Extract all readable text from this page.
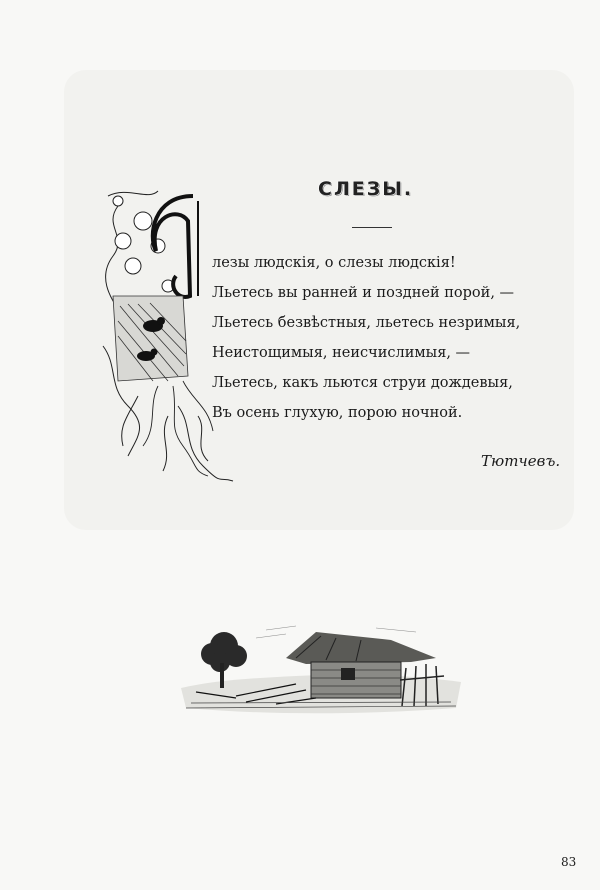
СЛЕЗЫ.
лезы людскія, о слезы людскія!
Льетесь вы ранней и поздней порой, —
Льетесь безвѣстныя, льетесь незримыя,
Неистощимыя, неисчислимыя, —
Льетесь, какъ льются струи дождевыя,
Въ осень глухую, порою ночной.
Тютчевъ.
83
